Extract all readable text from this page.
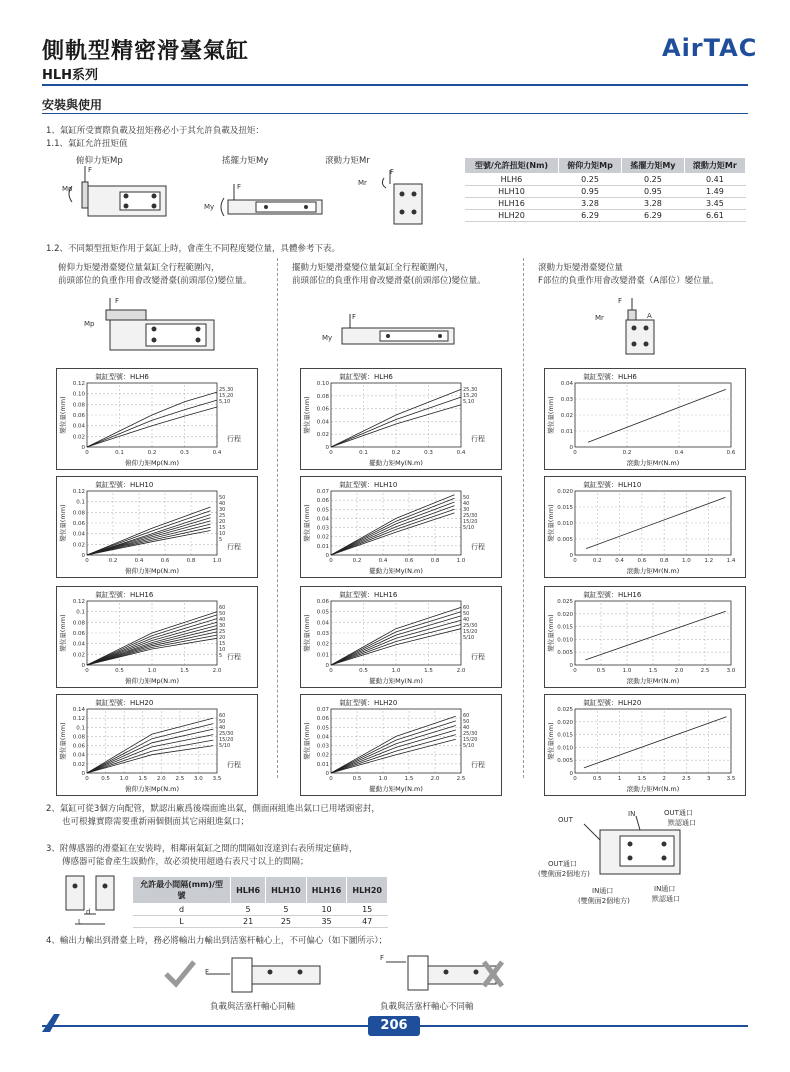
側軌型精密滑臺氣缸
HLH系列
AirTAC
安裝與使用
1、氣缸所受實際負載及扭矩務必小于其允許負載及扭矩：
1.1、氣缸允許扭矩值
俯仰力矩Mp	搖擺力矩My	滾動力矩Mr
F
Mp	F
My
F
Mr
型號/允許扭矩(Nm)	俯仰力矩Mp	搖擺力矩My	滾動力矩Mr
HLH6	0.25	0.25	0.41
HLH10	0.95	0.95	1.49
HLH16	3.28	3.28	3.45
HLH20	6.29	6.29	6.61
1.2、不同類型扭矩作用于氣缸上時，會產生不同程度變位量，具體參考下表。
俯仰力矩變滑臺變位量氣缸全行程範圍內，
前頭部位的負重作用會改變滑臺(前頭部位)變位量。
擺動力矩變滑臺變位量氣缸全行程範圍內，
前頭部位的負重作用會改變滑臺(前頭部位)變位量。
滾動力矩變滑臺變位量
F部位的負重作用會改變滑臺（A部位）變位量。
F
Mp
F
My
F
A
Mr
0
0.02
0.04
0.06
0.08
0.10
0.12
0	0.1	0.2	0.3	0.4
25,30
15,20
5,10
行程
氣缸型號：HLH6
俯仰力矩Mp(N.m)
變位量(mm)
0
0.02
0.04
0.06
0.08
0.1
0.12
0	0.2	0.4	0.6	0.8	1.0
50
40
30
25
20
15
10
5
行程
氣缸型號：HLH10
俯仰力矩Mp(N.m)
變位量(mm)
0
0.02
0.04
0.06
0.08
0.1
0.12
0	0.5	1.0	1.5	2.0
60
50
40
30
25
20
15
10
5 行程
氣缸型號：HLH16
俯仰力矩Mp(N.m)
變位量(mm)
0
0.02
0.04
0.06
0.08
0.1
0.12
0.14
0 0.5 1.0 1.5 2.0 2.5 3.0 3.5
60
50
40
25/30
15/20
5/10
行程
氣缸型號：HLH20
俯仰力矩Mp(N.m)
變位量(mm)
0
0.02
0.04
0.06
0.08
0.10
0	0.1	0.2	0.3	0.4
25,30
15,20
5,10
行程
氣缸型號：HLH6
擺動力矩My(N.m)
變位量(mm)
0
0.01
0.02
0.03
0.04
0.05
0.06
0.07
0	0.2	0.4	0.6	0.8	1.0
50
40
30
25/30
15/20
5/10
行程
氣缸型號：HLH10
擺動力矩My(N.m)
變位量(mm)
0
0.01
0.02
0.03
0.04
0.05
0.06
0	0.5	1.0	1.5	2.0
60
50
40
25/30
15/20
5/10
行程
氣缸型號：HLH16
擺動力矩My(N.m)
變位量(mm)
0
0.01
0.02
0.03
0.04
0.05
0.06
0.07
0	0.5	1.0	1.5	2.0	2.5
60
50
40
25/30
15/20
5/10
行程
氣缸型號：HLH20
擺動力矩My(N.m)
變位量(mm)
0
0.01
0.02
0.03
0.04
0	0.2	0.4	0.6
氣缸型號：HLH6
滾動力矩Mr(N.m)
變位量(mm)
0
0.005
0.010
0.015
0.020
0	0.2 0.4 0.6 0.8 1.0 1.2 1.4
氣缸型號：HLH10
滾動力矩Mr(N.m)
變位量(mm)
0
0.005
0.010
0.015
0.020
0.025
0	0.5	1.0	1.5	2.0	2.5	3.0
氣缸型號：HLH16
滾動力矩Mr(N.m)
變位量(mm)
0
0.005
0.010
0.015
0.020
0.025
0	0.5	1	1.5	2	2.5	3	3.5
氣缸型號：HLH20
滾動力矩Mr(N.m)
變位量(mm)
2、氣缸可從3個方向配管，默認出廠爲後端面進出氣，側面兩組進出氣口已用堵頭密封，
也可根據實際需要重新兩個側面其它兩組進氣口；	OUT
IN	OUT通口
默認通口
OUT通口
(雙側面2個地方)
IN通口
(雙側面2個地方)
IN通口
默認通口
3、附傳感器的滑臺缸在安裝時，相鄰兩氣缸之間的間隔如沒達到右表所規定値時，
傳感器可能會產生誤動作，故必須使用超過右表尺寸以上的間隔；
d
L
允許最小間隔(mm)/型號	HLH6	HLH10	HLH16	HLH20
d	5	5	10	15
L	21	25	35	47
4、輸出力輸出到滑臺上時，務必將輸出力輸出到活塞杆軸心上，不可偏心（如下圖所示）；
F
F
負載與活塞杆軸心同軸	負載與活塞杆軸心不同軸
206
